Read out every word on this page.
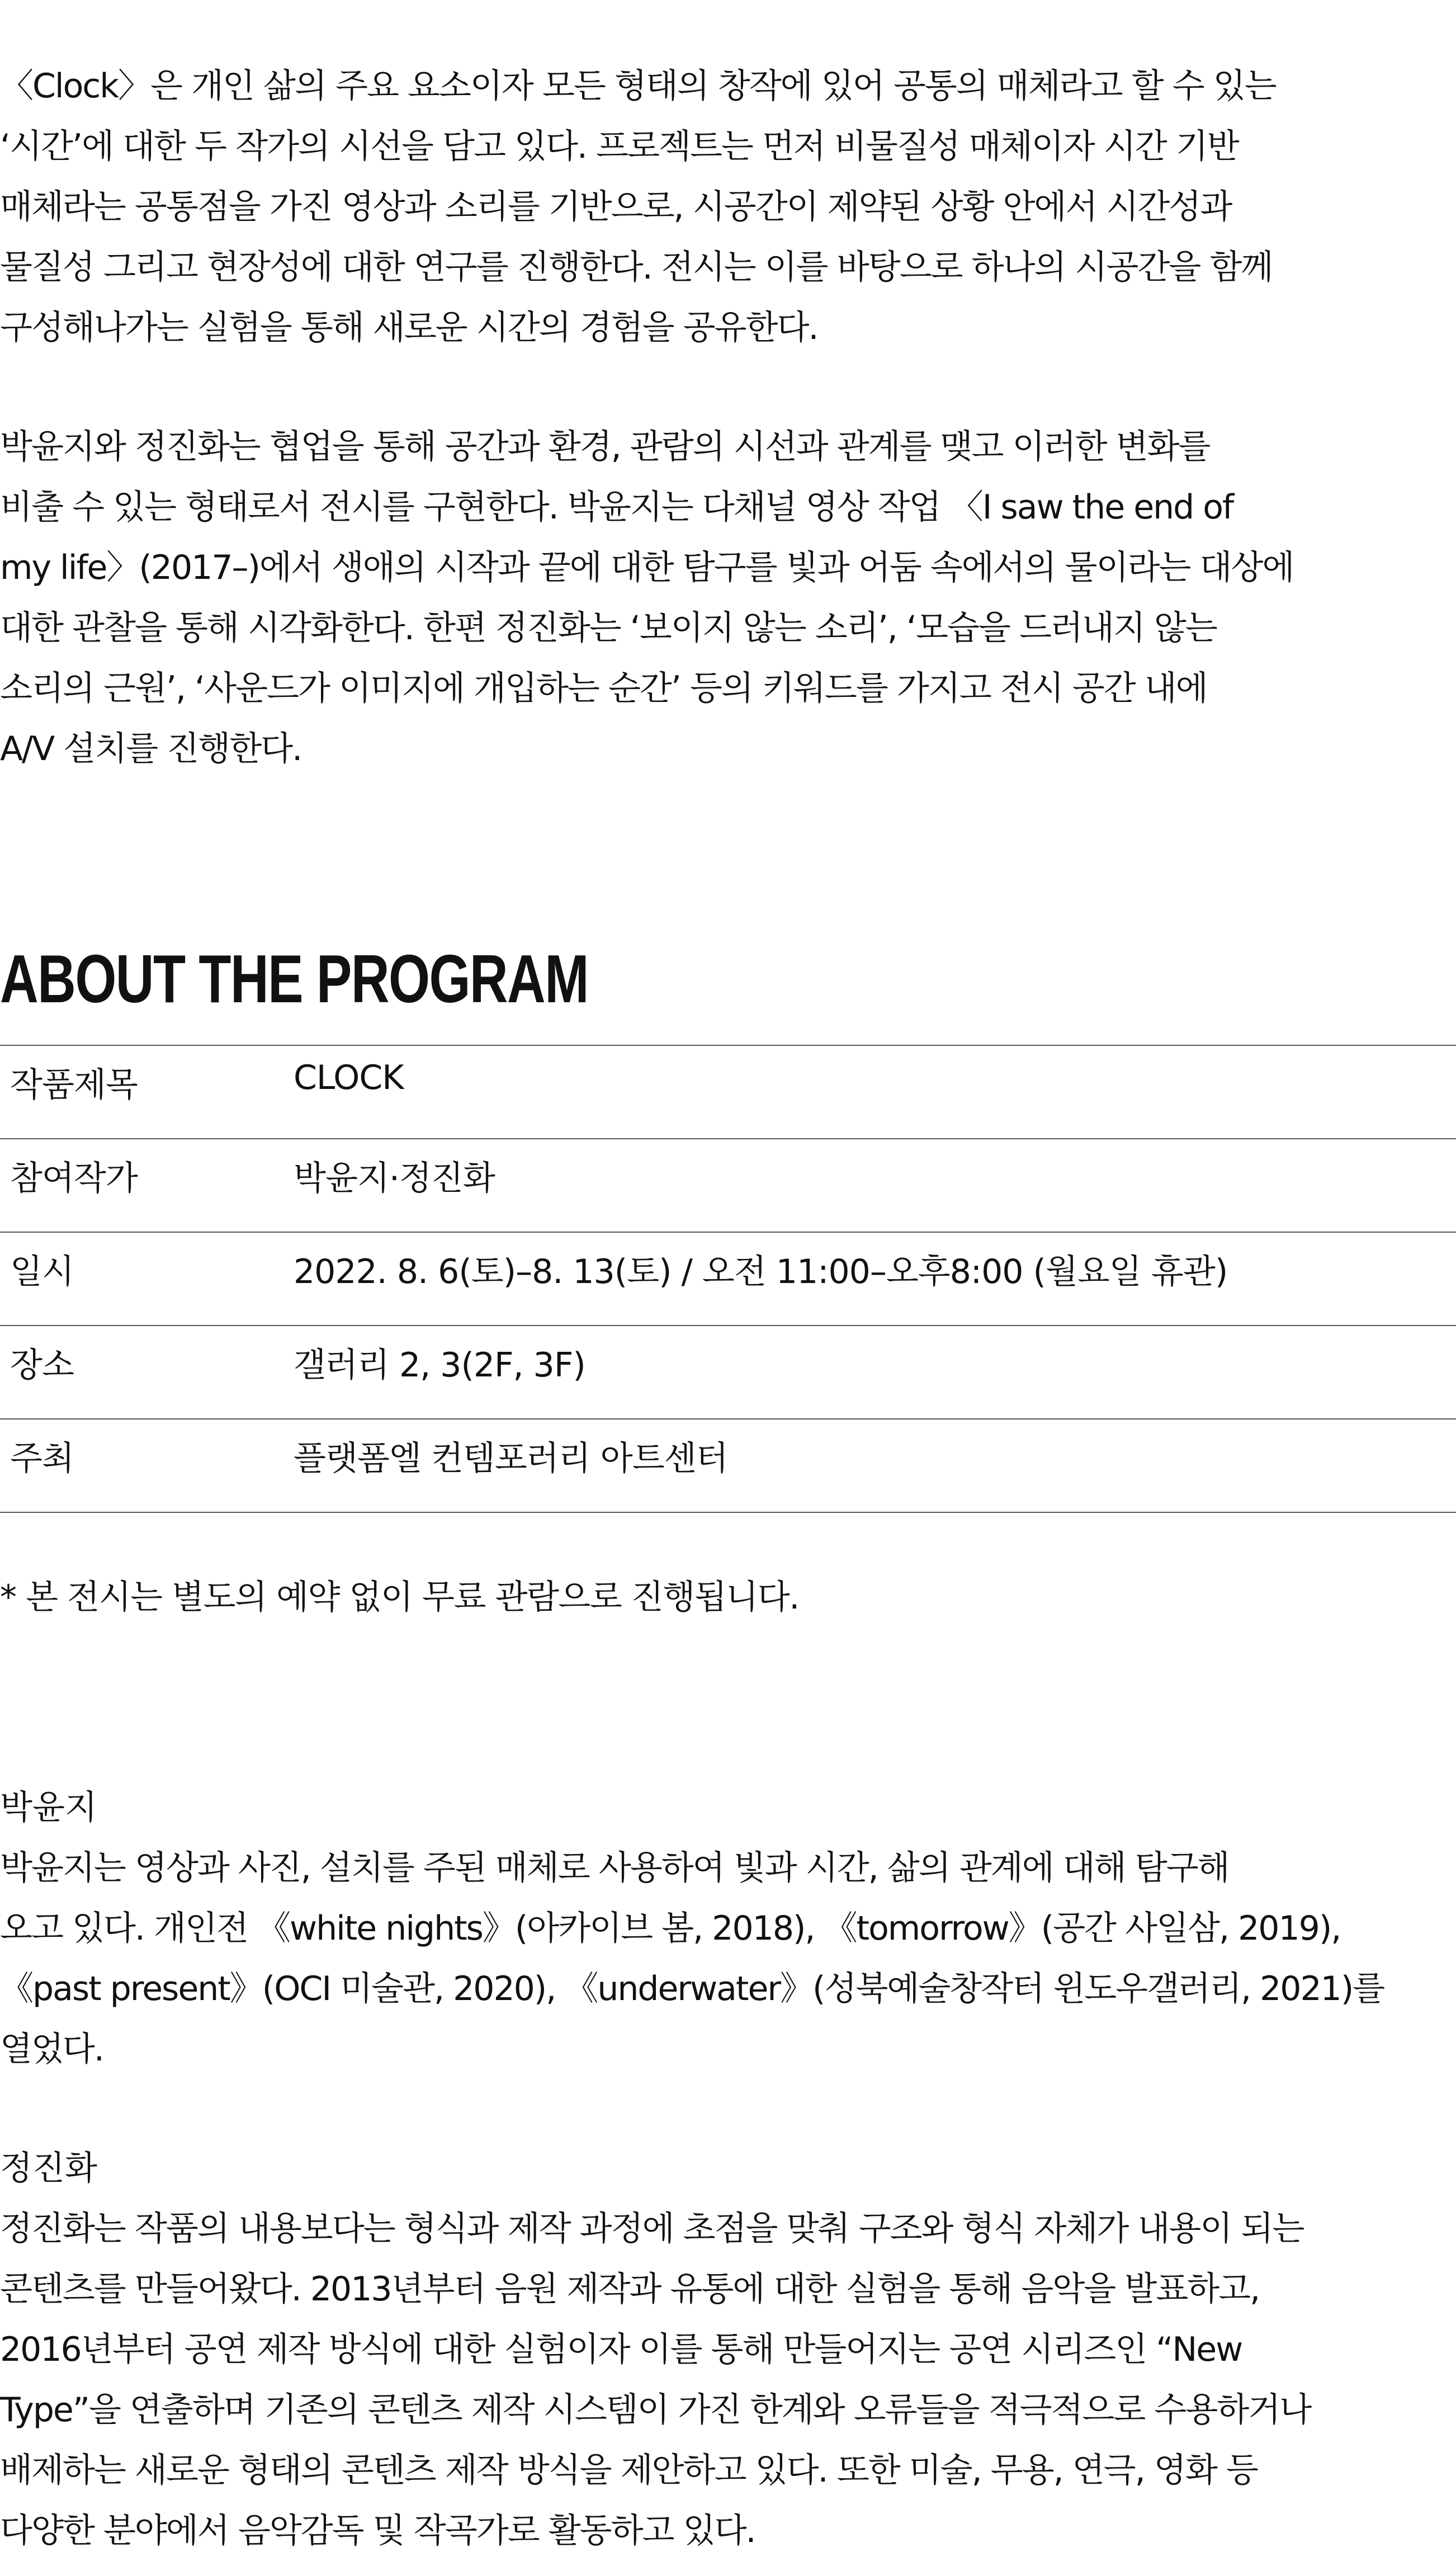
〈Clock〉은 개인 삶의 주요 요소이자 모든 형태의 창작에 있어 공통의 매체라고 할 수 있는
‘시간’에 대한 두 작가의 시선을 담고 있다. 프로젝트는 먼저 비물질성 매체이자 시간 기반
매체라는 공통점을 가진 영상과 소리를 기반으로, 시공간이 제약된 상황 안에서 시간성과
물질성 그리고 현장성에 대한 연구를 진행한다. 전시는 이를 바탕으로 하나의 시공간을 함께
구성해나가는 실험을 통해 새로운 시간의 경험을 공유한다.
박윤지와 정진화는 협업을 통해 공간과 환경, 관람의 시선과 관계를 맺고 이러한 변화를
비출 수 있는 형태로서 전시를 구현한다. 박윤지는 다채널 영상 작업 〈I saw the end of
my life〉(2017–)에서 생애의 시작과 끝에 대한 탐구를 빛과 어둠 속에서의 물이라는 대상에
대한 관찰을 통해 시각화한다. 한편 정진화는 ‘보이지 않는 소리’, ‘모습을 드러내지 않는
소리의 근원’, ‘사운드가 이미지에 개입하는 순간’ 등의 키워드를 가지고 전시 공간 내에
A/V 설치를 진행한다.
ABOUT THE PROGRAM
작품제목	CLOCK
참여작가	박윤지·정진화
일시	2022. 8. 6(토)–8. 13(토) / 오전 11:00–오후8:00 (월요일 휴관)
장소	갤러리 2, 3(2F, 3F)
주최	플랫폼엘 컨템포러리 아트센터
* 본 전시는 별도의 예약 없이 무료 관람으로 진행됩니다.
박윤지
박윤지는 영상과 사진, 설치를 주된 매체로 사용하여 빛과 시간, 삶의 관계에 대해 탐구해
오고 있다. 개인전 《white nights》(아카이브 봄, 2018), 《tomorrow》(공간 사일삼, 2019),
《past present》(OCI 미술관, 2020), 《underwater》(성북예술창작터 윈도우갤러리, 2021)를
열었다.
정진화
정진화는 작품의 내용보다는 형식과 제작 과정에 초점을 맞춰 구조와 형식 자체가 내용이 되는
콘텐츠를 만들어왔다. 2013년부터 음원 제작과 유통에 대한 실험을 통해 음악을 발표하고,
2016년부터 공연 제작 방식에 대한 실험이자 이를 통해 만들어지는 공연 시리즈인 “New
Type”을 연출하며 기존의 콘텐츠 제작 시스템이 가진 한계와 오류들을 적극적으로 수용하거나
배제하는 새로운 형태의 콘텐츠 제작 방식을 제안하고 있다. 또한 미술, 무용, 연극, 영화 등
다양한 분야에서 음악감독 및 작곡가로 활동하고 있다.
